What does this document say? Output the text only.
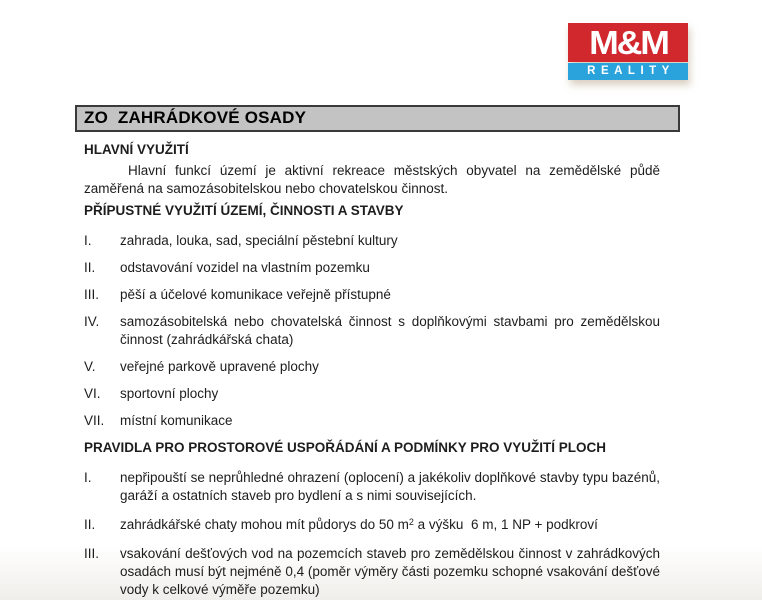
M&M
REALITY
ZO  ZAHRÁDKOVÉ OSADY
HLAVNÍ VYUŽITÍ

Hlavní funkcí území je aktivní rekreace městských obyvatel na zemědělské půdě zaměřená na samozásobitelskou nebo chovatelskou činnost.

PŘÍPUSTNÉ VYUŽITÍ ÚZEMÍ, ČINNOSTI A STAVBY
I.	zahrada, louka, sad, speciální pěstební kultury
II.	odstavování vozidel na vlastním pozemku
III.	pěší a účelové komunikace veřejně přístupné
IV.	samozásobitelská nebo chovatelská činnost s doplňkovými stavbami pro zemědělskou činnost (zahrádkářská chata)
V.	veřejné parkově upravené plochy
VI.	sportovní plochy
VII.	místní komunikace
PRAVIDLA PRO PROSTOROVÉ USPOŘÁDÁNÍ A PODMÍNKY PRO VYUŽITÍ PLOCH
I.	nepřipouští se neprůhledné ohrazení (oplocení) a jakékoliv doplňkové stavby typu bazénů, garáží a ostatních staveb pro bydlení a s nimi souvisejících.
II.	zahrádkářské chaty mohou mít půdorys do 50 $m^2$ a výšku  6 m, 1 NP + podkroví
III.	vsakování dešťových vod na pozemcích staveb pro zemědělskou činnost v zahrádkových osadách musí být nejméně 0,4 (poměr výměry části pozemku schopné vsakování dešťové vody k celkové výměře pozemku)
